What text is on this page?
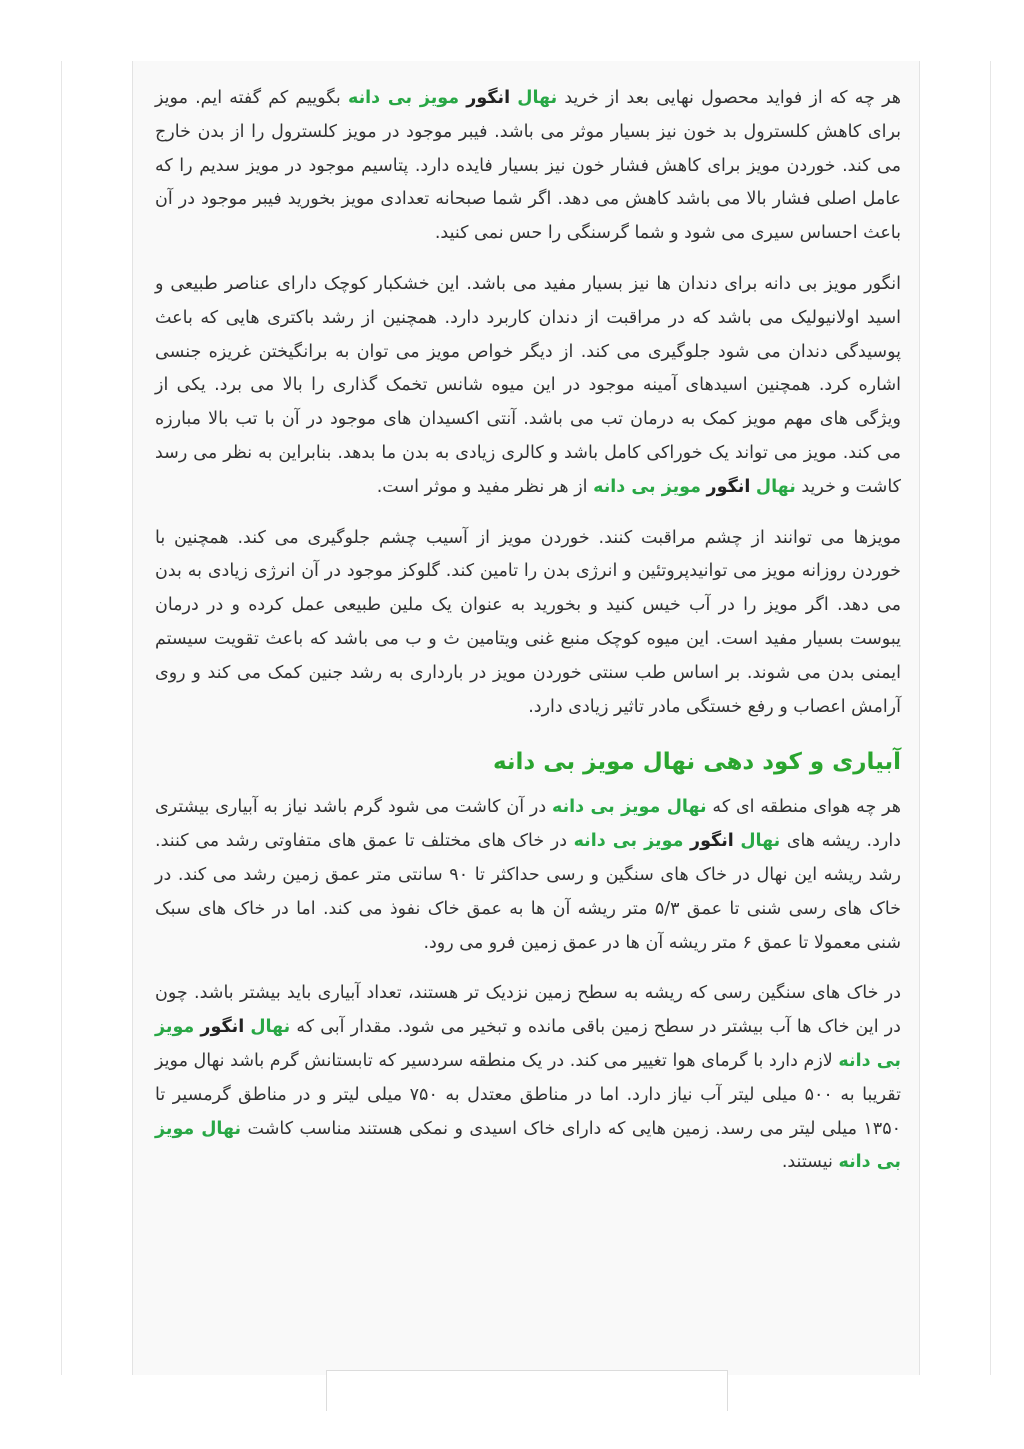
هر چه که از فواید محصول نهایی بعد از خرید نهال انگور مویز بی دانه بگوییم کم گفته ایم. مویز برای کاهش کلسترول بد خون نیز بسیار موثر می باشد. فیبر موجود در مویز کلسترول را از بدن خارج می کند. خوردن مویز برای کاهش فشار خون نیز بسیار فایده دارد. پتاسیم موجود در مویز سدیم را که عامل اصلی فشار بالا می باشد کاهش می دهد. اگر شما صبحانه تعدادی مویز بخورید فیبر موجود در آن باعث احساس سیری می شود و شما گرسنگی را حس نمی کنید.

انگور مویز بی دانه برای دندان ها نیز بسیار مفید می باشد. این خشکبار کوچک دارای عناصر طبیعی و اسید اولانیولیک می باشد که در مراقبت از دندان کاربرد دارد. همچنین از رشد باکتری هایی که باعث پوسیدگی دندان می شود جلوگیری می کند. از دیگر خواص مویز می توان به برانگیختن غریزه جنسی اشاره کرد. همچنین اسیدهای آمینه موجود در این میوه شانس تخمک گذاری را بالا می برد. یکی از ویژگی های مهم مویز کمک به درمان تب می باشد. آنتی اکسیدان های موجود در آن با تب بالا مبارزه می کند. مویز می تواند یک خوراکی کامل باشد و کالری زیادی به بدن ما بدهد. بنابراین به نظر می رسد کاشت و خرید نهال انگور مویز بی دانه از هر نظر مفید و موثر است.

مویزها می توانند از چشم مراقبت کنند. خوردن مویز از آسیب چشم جلوگیری می کند. همچنین با خوردن روزانه مویز می توانیدپروتئین و انرژی بدن را تامین کند. گلوکز موجود در آن انرژی زیادی به بدن می دهد. اگر مویز را در آب خیس کنید و بخورید به عنوان یک ملین طبیعی عمل کرده و در درمان یبوست بسیار مفید است. این میوه کوچک منبع غنی ویتامین ث و ب می باشد که باعث تقویت سیستم ایمنی بدن می شوند. بر اساس طب سنتی خوردن مویز در بارداری به رشد جنین کمک می کند و روی آرامش اعصاب و رفع خستگی مادر تاثیر زیادی دارد.

آبیاری و کود دهی نهال مویز بی دانه

هر چه هوای منطقه ای که نهال مویز بی دانه در آن کاشت می شود گرم باشد نیاز به آبیاری بیشتری دارد. ریشه های نهال انگور مویز بی دانه در خاک های مختلف تا عمق های متفاوتی رشد می کنند. رشد ریشه این نهال در خاک های سنگین و رسی حداکثر تا ۹۰ سانتی متر عمق زمین رشد می کند. در خاک های رسی شنی تا عمق ۵/۳ متر ریشه آن ها به عمق خاک نفوذ می کند. اما در خاک های سبک شنی معمولا تا عمق ۶ متر ریشه آن ها در عمق زمین فرو می رود.

در خاک های سنگین رسی که ریشه به سطح زمین نزدیک تر هستند، تعداد آبیاری باید بیشتر باشد. چون در این خاک ها آب بیشتر در سطح زمین باقی مانده و تبخیر می شود. مقدار آبی که نهال انگور مویز بی دانه لازم دارد با گرمای هوا تغییر می کند. در یک منطقه سردسیر که تابستانش گرم باشد نهال مویز تقریبا به ۵۰۰ میلی لیتر آب نیاز دارد. اما در مناطق معتدل به ۷۵۰ میلی لیتر و در مناطق گرمسیر تا ۱۳۵۰ میلی لیتر می رسد. زمین هایی که دارای خاک اسیدی و نمکی هستند مناسب کاشت نهال مویز بی دانه نیستند.
